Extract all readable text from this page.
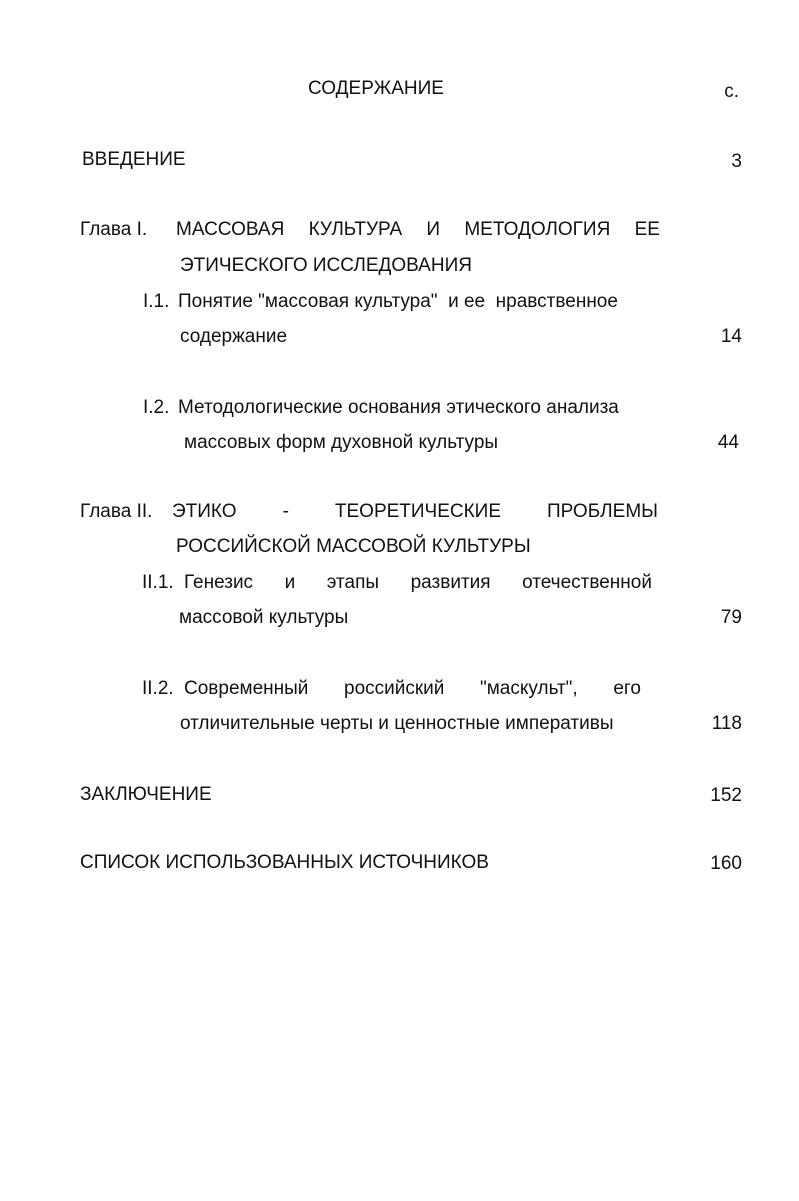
СОДЕРЖАНИЕ	с.
ВВЕДЕНИЕ	3
Глава I. МАССОВАЯ КУЛЬТУРА И МЕТОДОЛОГИЯ ЕЕ
ЭТИЧЕСКОГО ИССЛЕДОВАНИЯ
I.1. Понятие "массовая культура"  и ее  нравственное
содержание	14
I.2. Методологические основания этического анализа
массовых форм духовной культуры	44
Глава II. ЭТИКО - ТЕОРЕТИЧЕСКИЕ ПРОБЛЕМЫ
РОССИЙСКОЙ МАССОВОЙ КУЛЬТУРЫ
II.1. Генезис и этапы развития отечественной
массовой культуры	79
II.2. Современный российский "маскульт", его
отличительные черты и ценностные императивы	118
ЗАКЛЮЧЕНИЕ	152
СПИСОК ИСПОЛЬЗОВАННЫХ ИСТОЧНИКОВ	160
